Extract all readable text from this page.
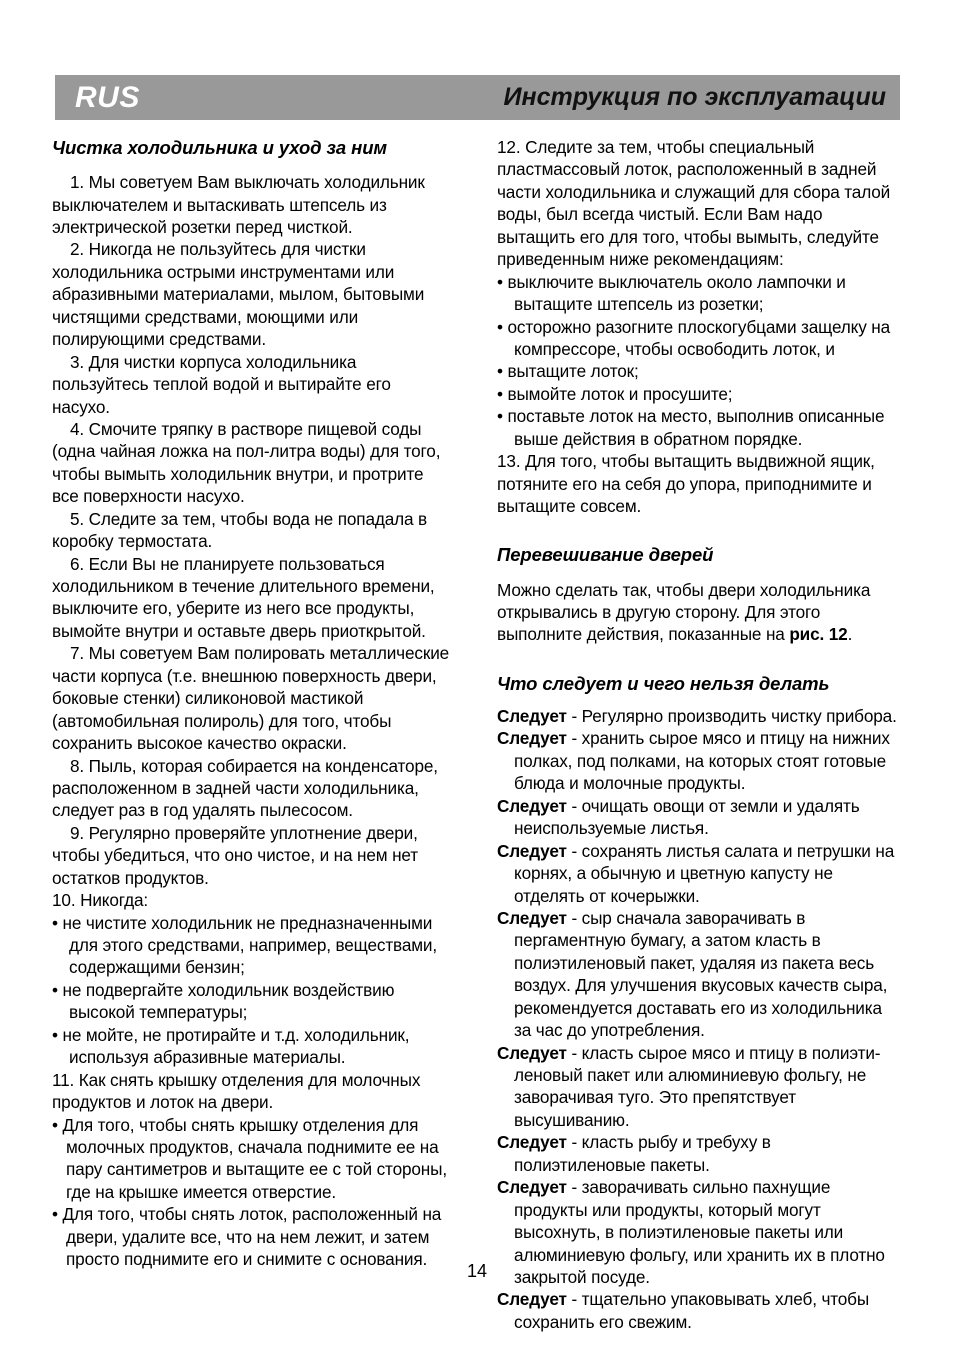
RUS	Инструкция по эксплуатации
Чистка холодильника и уход за ним

1. Мы советуем Вам выключать холодильник выключателем и вытаскивать штепсель из электрической розетки перед чисткой.

2. Никогда не пользуйтесь для чистки холодильника острыми инструментами или абразивными материалами, мылом, бытовыми чистящими средствами, моющими или полирующими средствами.

3. Для чистки корпуса холодильника пользуйтесь теплой водой и вытирайте его насухо.

4. Смочите тряпку в растворе пищевой соды (одна чайная ложка на пол-литра воды) для того, чтобы вымыть холодильник внутри, и протрите все поверхности насухо.

5. Следите за тем, чтобы вода не попадала в коробку термостата.

6. Если Вы не планируете пользоваться холодильником в течение длительного времени, выключите его, уберите из него все продукты, вымойте внутри и оставьте дверь приоткрытой.

7. Мы советуем Вам полировать металлические части корпуса (т.е. внешнюю поверхность двери, боковые стенки) силиконовой мастикой (автомобильная полироль) для того, чтобы сохранить высокое качество окраски.

8. Пыль, которая собирается на конденсаторе, расположенном в задней части холодильника, следует раз в год удалять пылесосом.

9. Регулярно проверяйте уплотнение двери, чтобы убедиться, что оно чистое, и на нем нет остатков продуктов.

10. Никогда:

• не чистите холодильник не предназначенными для этого средствами, например, веществами, содержащими бензин;

• не подвергайте холодильник воздействию высокой температуры;

• не мойте, не протирайте и т.д. холодильник, используя абразивные материалы.

11. Как снять крышку отделения для молочных продуктов и лоток на двери.

• Для того, чтобы снять крышку отделения для молочных продуктов, сначала поднимите ее на пару сантиметров и вытащите ее с той стороны, где на крышке имеется отверстие.

• Для того, чтобы снять лоток, расположенный на двери, удалите все, что на нем лежит, и затем просто поднимите его и снимите с основания.

12. Следите за тем, чтобы специальный пластмассовый лоток, расположенный в задней части холодильника и служащий для сбора талой воды, был всегда чистый. Если Вам надо вытащить его для того, чтобы вымыть, следуйте приведенным ниже рекомендациям:

• выключите выключатель около лампочки и вытащите штепсель из розетки;

• осторожно разогните плоскогубцами защелку на компрессоре, чтобы освободить лоток, и

• вытащите лоток;

• вымойте лоток и просушите;

• поставьте лоток на место, выполнив описанные выше действия в обратном порядке.

13. Для того, чтобы вытащить выдвижной ящик, потяните его на себя до упора, приподнимите и вытащите совсем.

Перевешивание дверей

Можно сделать так, чтобы двери холодильника открывались в другую сторону. Для этого выполните действия, показанные на рис. 12.

Что следует и чего нельзя делать

Следует - Регулярно производить чистку прибора.

Следует - хранить сырое мясо и птицу на нижних полках, под полками, на которых стоят готовые блюда и молочные продукты.

Следует - очищать овощи от земли и удалять неиспользуемые листья.

Следует - сохранять листья салата и петрушки на корнях, а обычную и цветную капусту не отделять от кочерыжки.

Следует - сыр сначала заворачивать в пергаментную бумагу, а затом класть в полиэтиленовый пакет, удаляя из пакета весь воздух. Для улучшения вкусовых качеств сыра, рекомендуется доставать его из холодильника за час до употребления.

Следует - класть сырое мясо и птицу в полиэти-леновый пакет или алюминиевую фольгу, не заворачивая туго. Это препятствует высушиванию.

Следует - класть рыбу и требуху в полиэтиленовые пакеты.

Следует - заворачивать сильно пахнущие продукты или продукты, который могут высохнуть, в полиэтиленовые пакеты или алюминиевую фольгу, или хранить их в плотно закрытой посуде.

Следует - тщательно упаковывать хлеб, чтобы сохранить его свежим.

14
